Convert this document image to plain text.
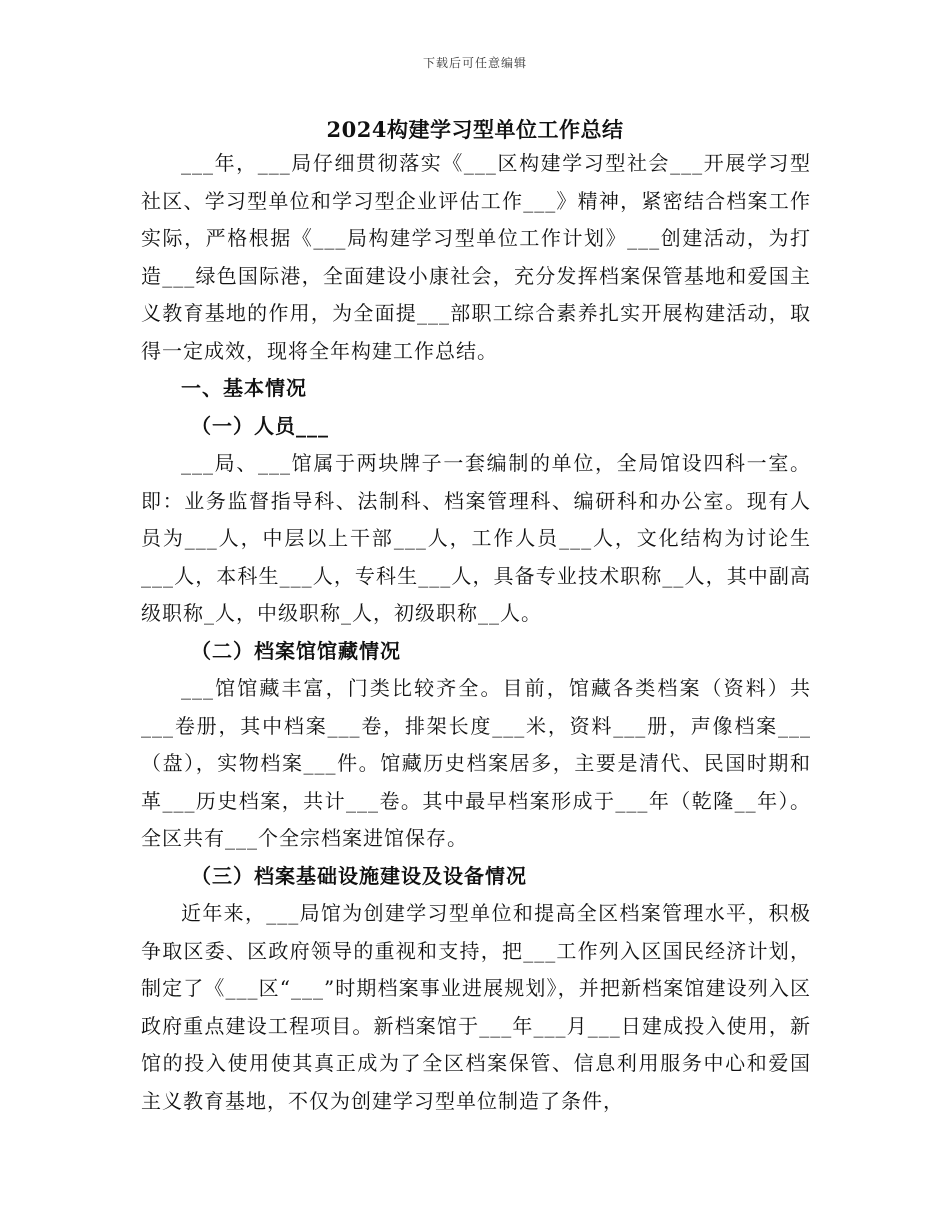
下载后可任意编辑
2024构建学习型单位工作总结

___年，___局仔细贯彻落实《___区构建学习型社会___开展学习型社区、学习型单位和学习型企业评估工作___》精神，紧密结合档案工作实际，严格根据《___局构建学习型单位工作计划》___创建活动，为打造___绿色国际港，全面建设小康社会，充分发挥档案保管基地和爱国主义教育基地的作用，为全面提___部职工综合素养扎实开展构建活动，取得一定成效，现将全年构建工作总结。

一、基本情况

（一）人员___

___局、___馆属于两块牌子一套编制的单位，全局馆设四科一室。即：业务监督指导科、法制科、档案管理科、编研科和办公室。现有人员为___人，中层以上干部___人，工作人员___人，文化结构为讨论生___人，本科生___人，专科生___人，具备专业技术职称__人，其中副高级职称_人，中级职称_人，初级职称__人。

（二）档案馆馆藏情况

___馆馆藏丰富，门类比较齐全。目前，馆藏各类档案（资料）共___卷册，其中档案___卷，排架长度___米，资料___册，声像档案___（盘），实物档案___件。馆藏历史档案居多，主要是清代、民国时期和革___历史档案，共计___卷。其中最早档案形成于___年（乾隆__年）。全区共有___个全宗档案进馆保存。

（三）档案基础设施建设及设备情况

近年来，___局馆为创建学习型单位和提高全区档案管理水平，积极争取区委、区政府领导的重视和支持，把___工作列入区国民经济计划，制定了《___区“___”时期档案事业进展规划》，并把新档案馆建设列入区政府重点建设工程项目。新档案馆于___年___月___日建成投入使用，新馆的投入使用使其真正成为了全区档案保管、信息利用服务中心和爱国主义教育基地，不仅为创建学习型单位制造了条件，
